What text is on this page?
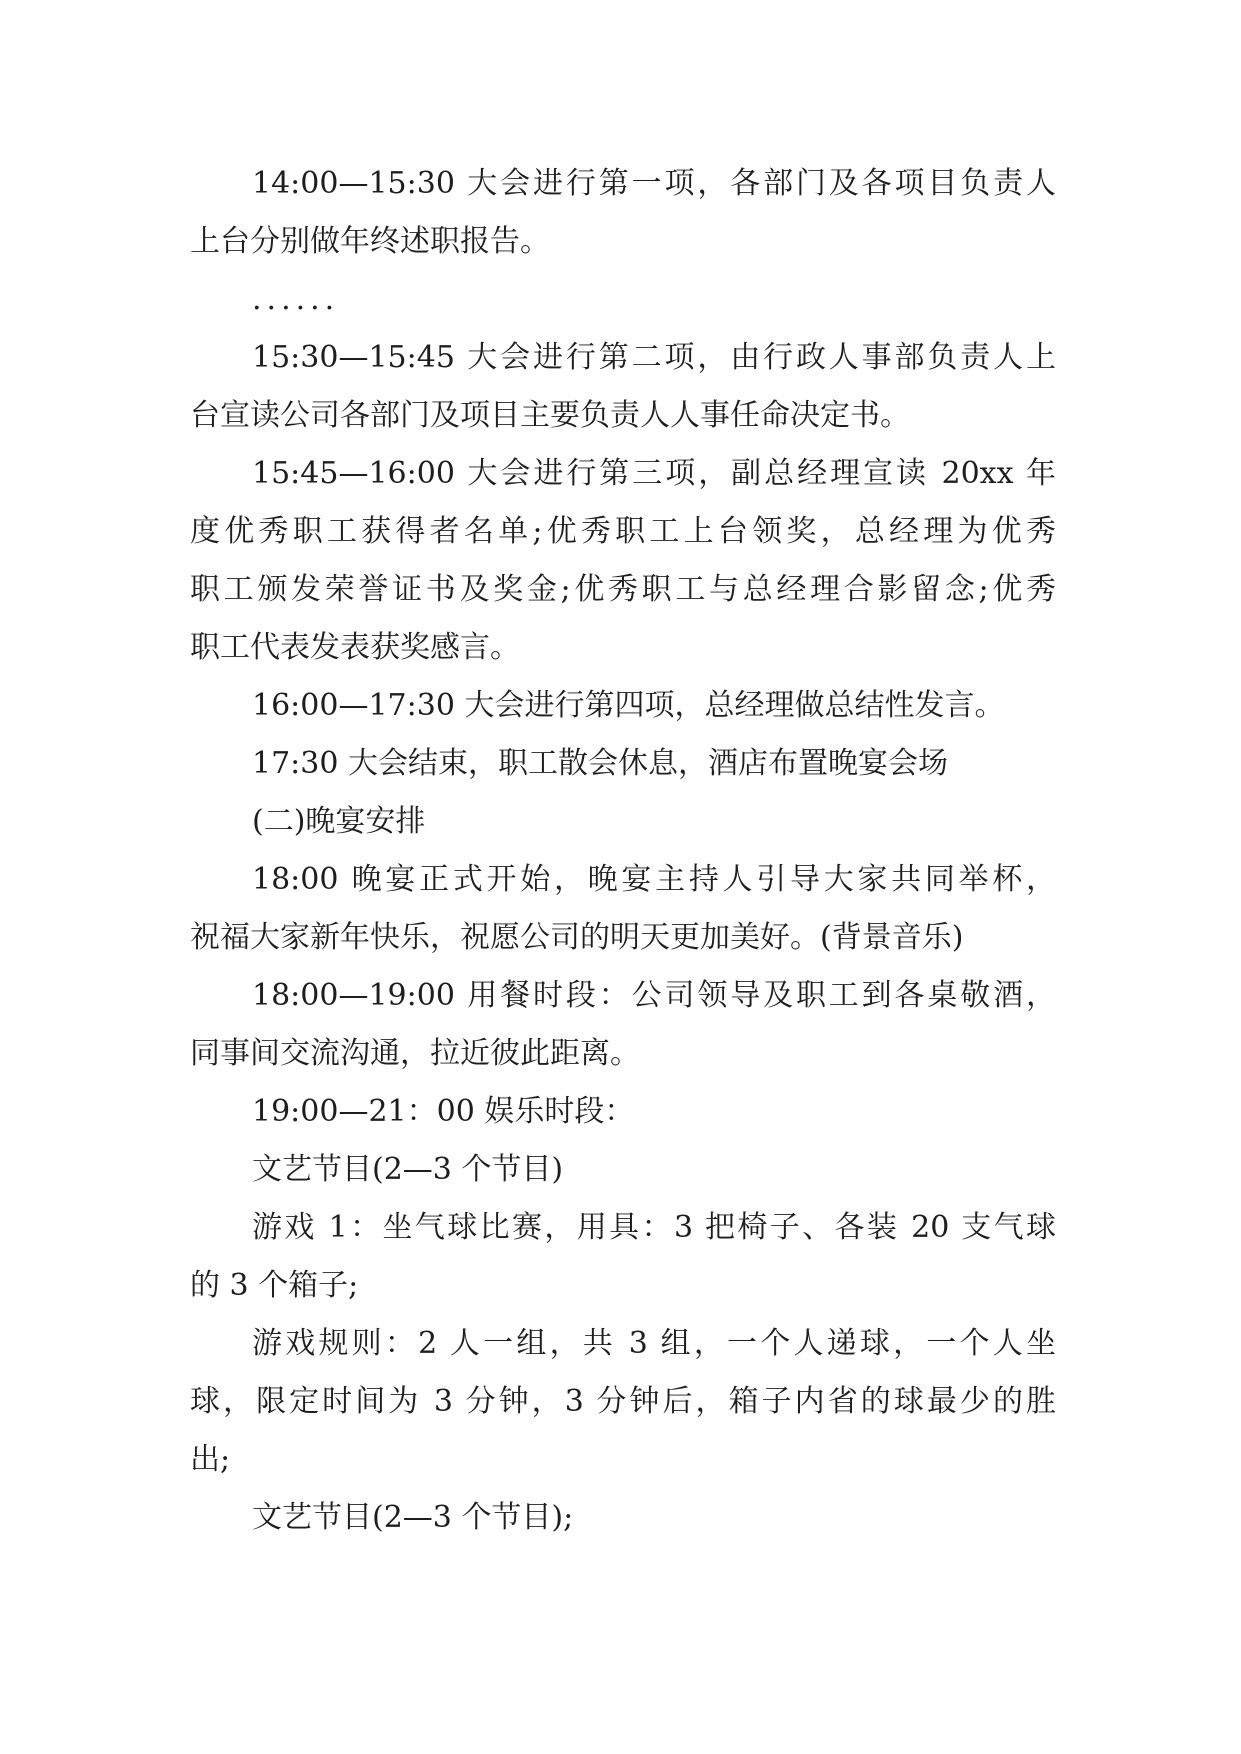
14:00—15:30 大会进行第一项，各部门及各项目负责人
上台分别做年终述职报告。
......
15:30—15:45 大会进行第二项，由行政人事部负责人上
台宣读公司各部门及项目主要负责人人事任命决定书。
15:45—16:00 大会进行第三项，副总经理宣读 20xx 年
度优秀职工获得者名单;优秀职工上台领奖，总经理为优秀
职工颁发荣誉证书及奖金;优秀职工与总经理合影留念;优秀
职工代表发表获奖感言。
16:00—17:30 大会进行第四项，总经理做总结性发言。
17:30 大会结束，职工散会休息，酒店布置晚宴会场
(二)晚宴安排
18:00 晚宴正式开始，晚宴主持人引导大家共同举杯，
祝福大家新年快乐，祝愿公司的明天更加美好。(背景音乐)
18:00—19:00 用餐时段：公司领导及职工到各桌敬酒，
同事间交流沟通，拉近彼此距离。
19:00—21：00 娱乐时段：
文艺节目(2—3 个节目)
游戏 1：坐气球比赛，用具：3 把椅子、各装 20 支气球
的 3 个箱子;
游戏规则：2 人一组，共 3 组，一个人递球，一个人坐
球，限定时间为 3 分钟，3 分钟后，箱子内省的球最少的胜
出;
文艺节目(2—3 个节目);
